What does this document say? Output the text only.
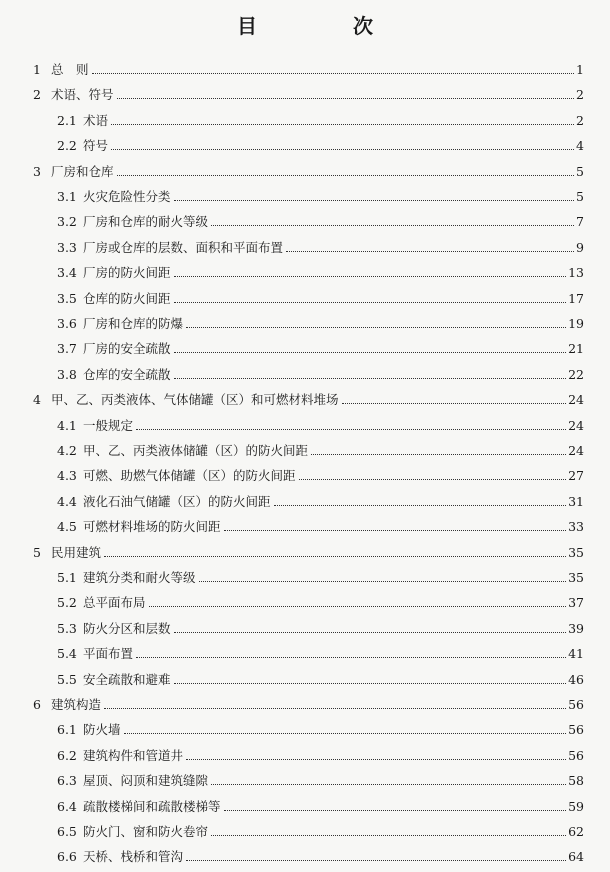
目　次
1 总　则	1
2 术语、符号	2
2.1 术语	2
2.2 符号	4
3 厂房和仓库	5
3.1 火灾危险性分类	5
3.2 厂房和仓库的耐火等级	7
3.3 厂房或仓库的层数、面积和平面布置	9
3.4 厂房的防火间距	13
3.5 仓库的防火间距	17
3.6 厂房和仓库的防爆	19
3.7 厂房的安全疏散	21
3.8 仓库的安全疏散	22
4 甲、乙、丙类液体、气体储罐（区）和可燃材料堆场	24
4.1 一般规定	24
4.2 甲、乙、丙类液体储罐（区）的防火间距	24
4.3 可燃、助燃气体储罐（区）的防火间距	27
4.4 液化石油气储罐（区）的防火间距	31
4.5 可燃材料堆场的防火间距	33
5 民用建筑	35
5.1 建筑分类和耐火等级	35
5.2 总平面布局	37
5.3 防火分区和层数	39
5.4 平面布置	41
5.5 安全疏散和避难	46
6 建筑构造	56
6.1 防火墙	56
6.2 建筑构件和管道井	56
6.3 屋顶、闷顶和建筑缝隙	58
6.4 疏散楼梯间和疏散楼梯等	59
6.5 防火门、窗和防火卷帘	62
6.6 天桥、栈桥和管沟	64
